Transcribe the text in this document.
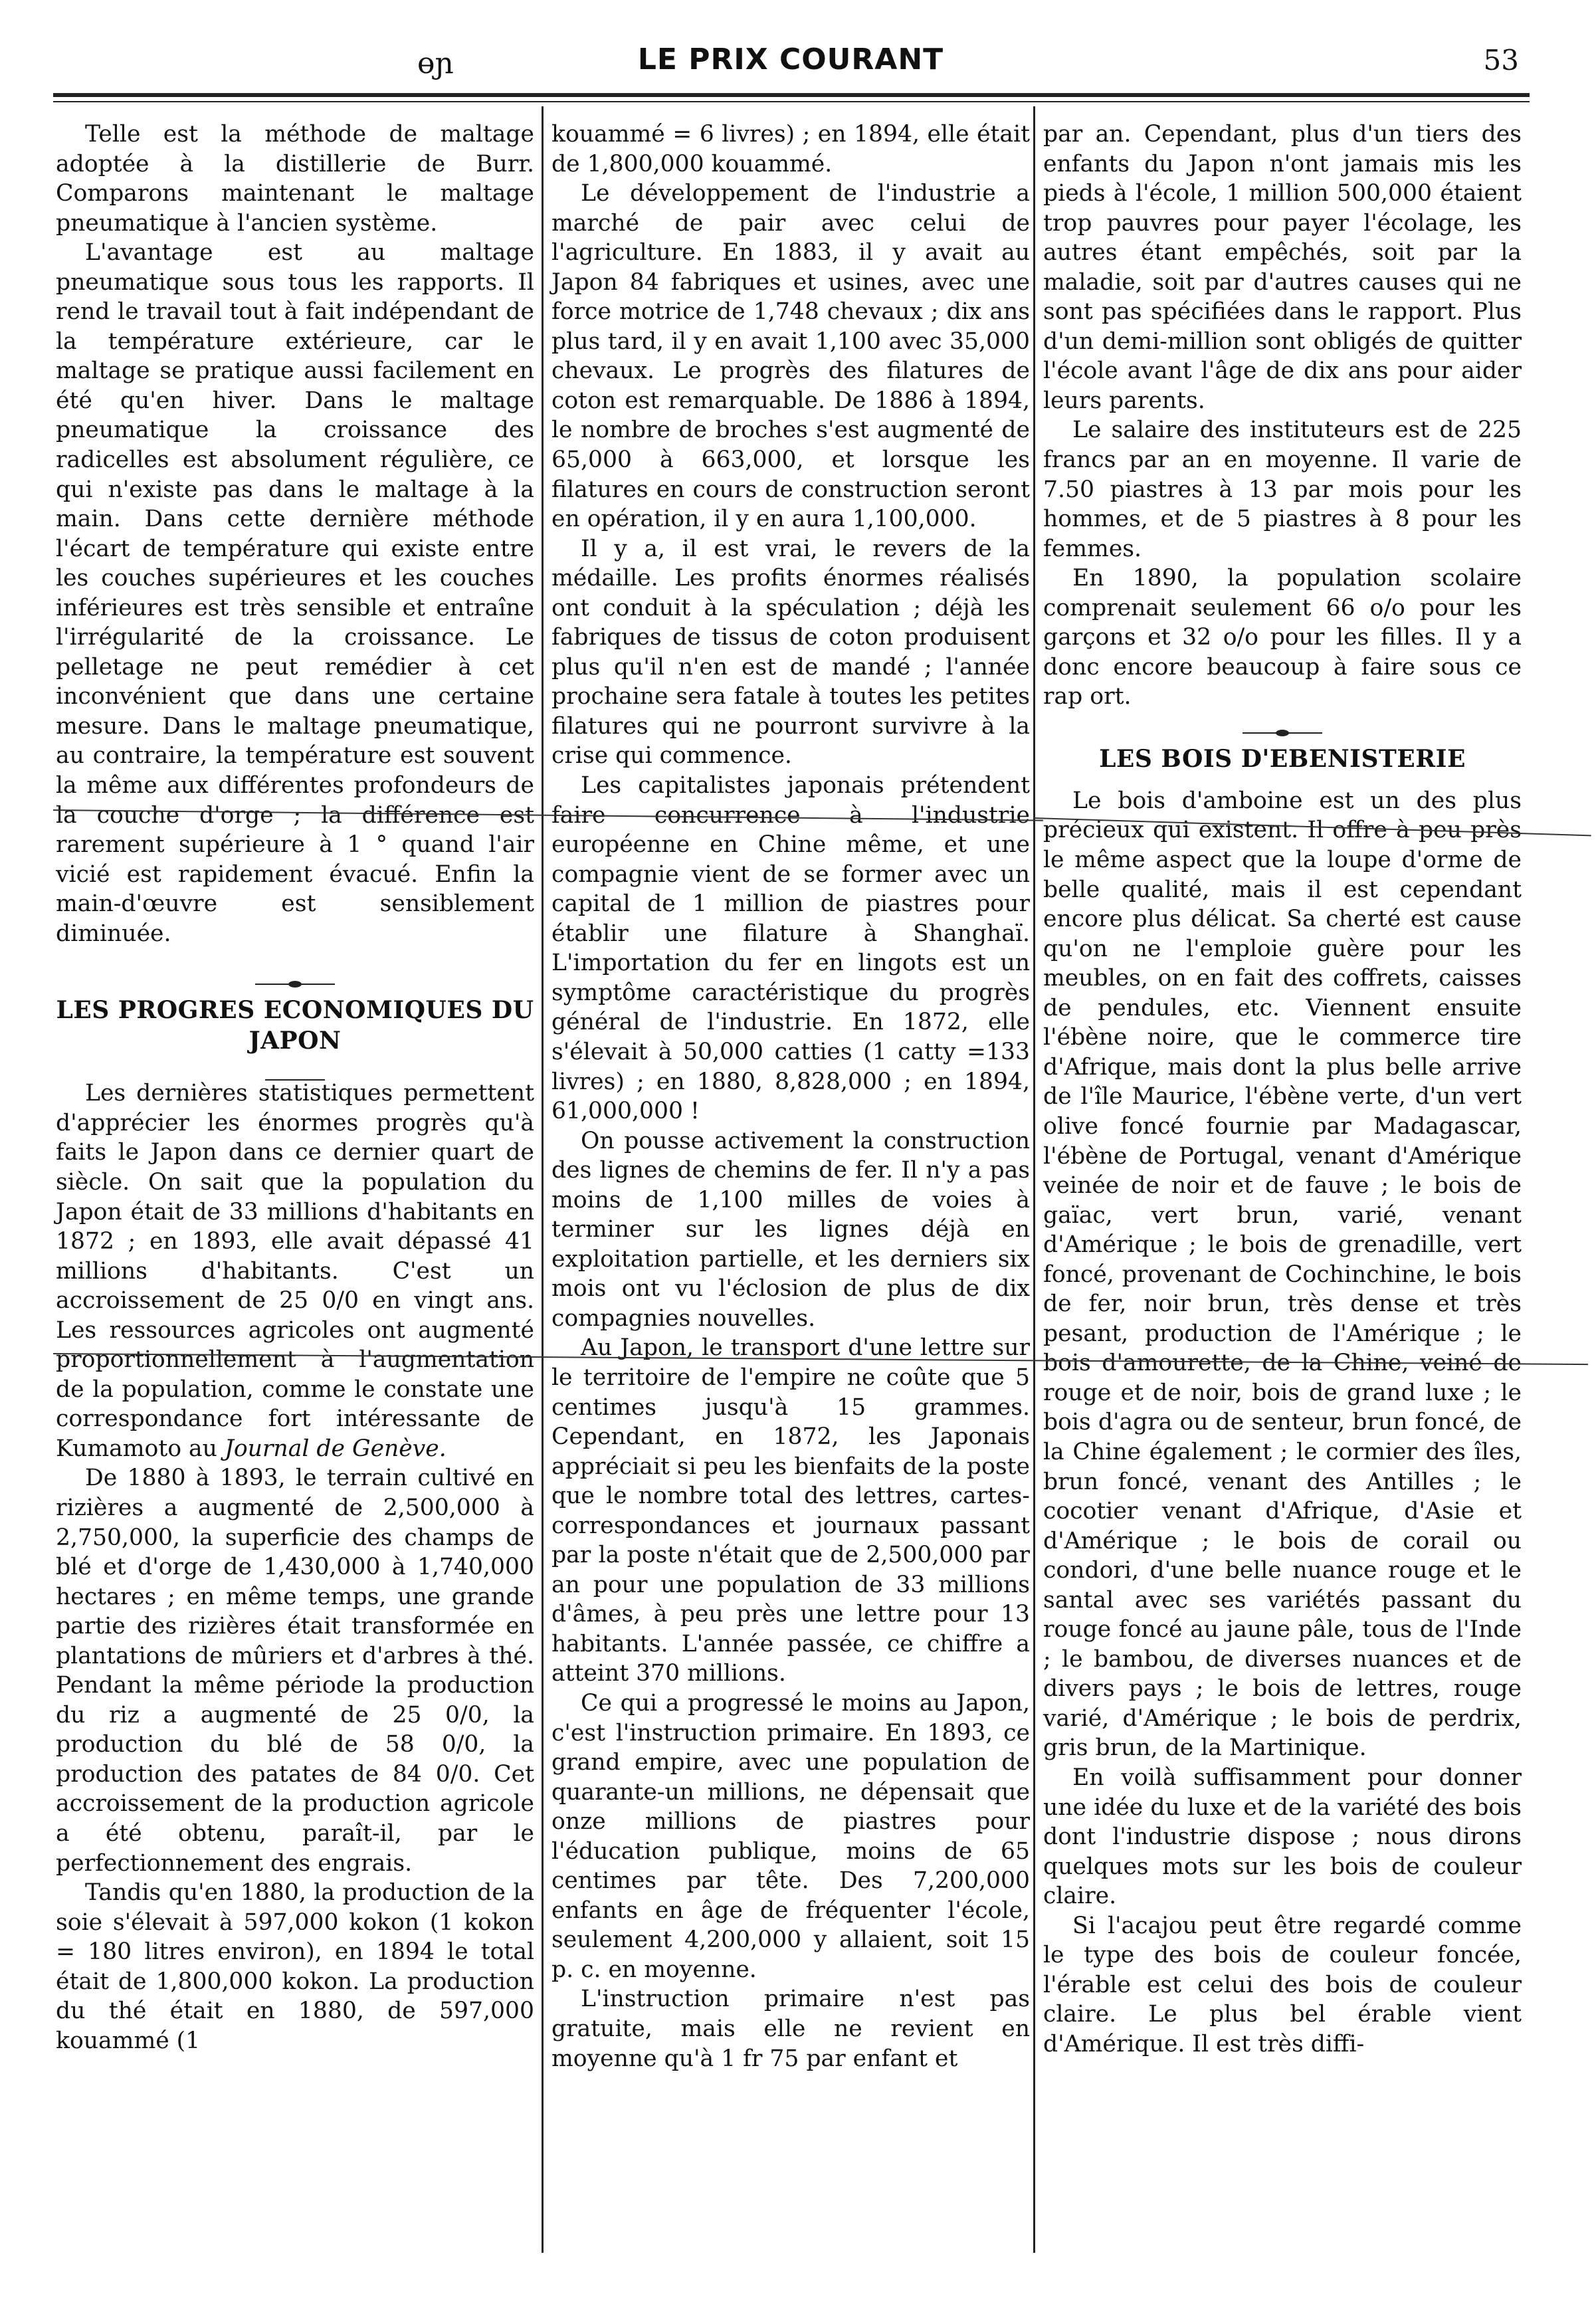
ɵɲ	LE PRIX COURANT	53

Telle est la méthode de maltage adoptée à la distillerie de Burr. Comparons maintenant le maltage pneumatique à l'ancien système.

L'avantage est au maltage pneumatique sous tous les rapports. Il rend le travail tout à fait indépendant de la température extérieure, car le maltage se pratique aussi facilement en été qu'en hiver. Dans le maltage pneumatique la croissance des radicelles est absolument régulière, ce qui n'existe pas dans le maltage à la main. Dans cette dernière méthode l'écart de température qui existe entre les couches supérieures et les couches inférieures est très sensible et entraîne l'irrégularité de la croissance. Le pelletage ne peut remédier à cet inconvénient que dans une certaine mesure. Dans le maltage pneumatique, au contraire, la température est souvent la même aux différentes profondeurs de la couche d'orge ; la différence est rarement supérieure à 1 ° quand l'air vicié est rapidement évacué. Enfin la main-d'œuvre est sensiblement diminuée.

LES PROGRES ECONOMIQUES DU JAPON

Les dernières statistiques permettent d'apprécier les énormes progrès qu'à faits le Japon dans ce dernier quart de siècle. On sait que la population du Japon était de 33 millions d'habitants en 1872 ; en 1893, elle avait dépassé 41 millions d'habitants. C'est un accroissement de 25 0/0 en vingt ans. Les ressources agricoles ont augmenté proportionnellement à l'augmentation de la population, comme le constate une correspondance fort intéressante de Kumamoto au Journal de Genève.

De 1880 à 1893, le terrain cultivé en rizières a augmenté de 2,500,000 à 2,750,000, la superficie des champs de blé et d'orge de 1,430,000 à 1,740,000 hectares ; en même temps, une grande partie des rizières était transformée en plantations de mûriers et d'arbres à thé. Pendant la même période la production du riz a augmenté de 25 0/0, la production du blé de 58 0/0, la production des patates de 84 0/0. Cet accroissement de la production agricole a été obtenu, paraît-il, par le perfectionnement des engrais.

Tandis qu'en 1880, la production de la soie s'élevait à 597,000 kokon (1 kokon = 180 litres environ), en 1894 le total était de 1,800,000 kokon. La production du thé était en 1880, de 597,000 kouammé (1

kouammé = 6 livres) ; en 1894, elle était de 1,800,000 kouammé.

Le développement de l'industrie a marché de pair avec celui de l'agriculture. En 1883, il y avait au Japon 84 fabriques et usines, avec une force motrice de 1,748 chevaux ; dix ans plus tard, il y en avait 1,100 avec 35,000 chevaux. Le progrès des filatures de coton est remarquable. De 1886 à 1894, le nombre de broches s'est augmenté de 65,000 à 663,000, et lorsque les filatures en cours de construction seront en opération, il y en aura 1,100,000.

Il y a, il est vrai, le revers de la médaille. Les profits énormes réalisés ont conduit à la spéculation ; déjà les fabriques de tissus de coton produisent plus qu'il n'en est de mandé ; l'année prochaine sera fatale à toutes les petites filatures qui ne pourront survivre à la crise qui commence.

Les capitalistes japonais prétendent faire concurrence à l'industrie européenne en Chine même, et une compagnie vient de se former avec un capital de 1 million de piastres pour établir une filature à Shanghaï. L'importation du fer en lingots est un symptôme caractéristique du progrès général de l'industrie. En 1872, elle s'élevait à 50,000 catties (1 catty =133 livres) ; en 1880, 8,828,000 ; en 1894, 61,000,000 !

On pousse activement la construction des lignes de chemins de fer. Il n'y a pas moins de 1,100 milles de voies à terminer sur les lignes déjà en exploitation partielle, et les derniers six mois ont vu l'éclosion de plus de dix compagnies nouvelles.

Au Japon, le transport d'une lettre sur le territoire de l'empire ne coûte que 5 centimes jusqu'à 15 grammes. Cependant, en 1872, les Japonais appréciait si peu les bienfaits de la poste que le nombre total des lettres, cartes-correspondances et journaux passant par la poste n'était que de 2,500,000 par an pour une population de 33 millions d'âmes, à peu près une lettre pour 13 habitants. L'année passée, ce chiffre a atteint 370 millions.

Ce qui a progressé le moins au Japon, c'est l'instruction primaire. En 1893, ce grand empire, avec une population de quarante-un millions, ne dépensait que onze millions de piastres pour l'éducation publique, moins de 65 centimes par tête. Des 7,200,000 enfants en âge de fréquenter l'école, seulement 4,200,000 y allaient, soit 15 p. c. en moyenne.

L'instruction primaire n'est pas gratuite, mais elle ne revient en moyenne qu'à 1 fr 75 par enfant et

par an. Cependant, plus d'un tiers des enfants du Japon n'ont jamais mis les pieds à l'école, 1 million 500,000 étaient trop pauvres pour payer l'écolage, les autres étant empêchés, soit par la maladie, soit par d'autres causes qui ne sont pas spécifiées dans le rapport. Plus d'un demi-million sont obligés de quitter l'école avant l'âge de dix ans pour aider leurs parents.

Le salaire des instituteurs est de 225 francs par an en moyenne. Il varie de 7.50 piastres à 13 par mois pour les hommes, et de 5 piastres à 8 pour les femmes.

En 1890, la population scolaire comprenait seulement 66 o/o pour les garçons et 32 o/o pour les filles. Il y a donc encore beaucoup à faire sous ce rap ort.

LES BOIS D'EBENISTERIE

Le bois d'amboine est un des plus précieux qui existent. Il offre à peu près le même aspect que la loupe d'orme de belle qualité, mais il est cependant encore plus délicat. Sa cherté est cause qu'on ne l'emploie guère pour les meubles, on en fait des coffrets, caisses de pendules, etc. Viennent ensuite l'ébène noire, que le commerce tire d'Afrique, mais dont la plus belle arrive de l'île Maurice, l'ébène verte, d'un vert olive foncé fournie par Madagascar, l'ébène de Portugal, venant d'Amérique veinée de noir et de fauve ; le bois de gaïac, vert brun, varié, venant d'Amérique ; le bois de grenadille, vert foncé, provenant de Cochinchine, le bois de fer, noir brun, très dense et très pesant, production de l'Amérique ; le bois d'amourette, de la Chine, veiné de rouge et de noir, bois de grand luxe ; le bois d'agra ou de senteur, brun foncé, de la Chine également ; le cormier des îles, brun foncé, venant des Antilles ; le cocotier venant d'Afrique, d'Asie et d'Amérique ; le bois de corail ou condori, d'une belle nuance rouge et le santal avec ses variétés passant du rouge foncé au jaune pâle, tous de l'Inde ; le bambou, de diverses nuances et de divers pays ; le bois de lettres, rouge varié, d'Amérique ; le bois de perdrix, gris brun, de la Martinique.

En voilà suffisamment pour donner une idée du luxe et de la variété des bois dont l'industrie dispose ; nous dirons quelques mots sur les bois de couleur claire.

Si l'acajou peut être regardé comme le type des bois de couleur foncée, l'érable est celui des bois de couleur claire. Le plus bel érable vient d'Amérique. Il est très diffi-
